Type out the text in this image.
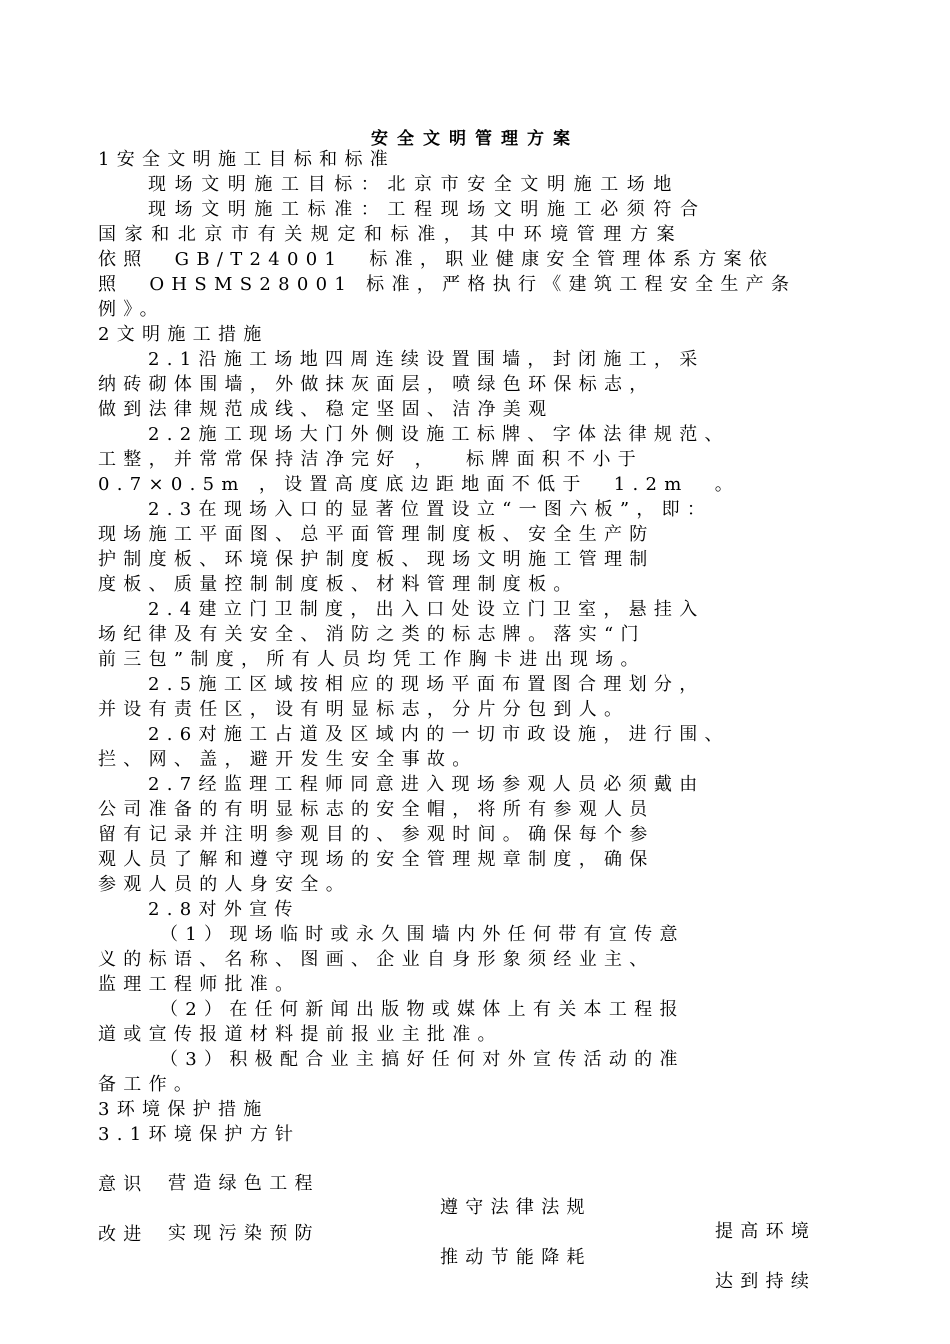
安全文明管理方案
1安全文明施工目标和标准
现场文明施工目标：北京市安全文明施工场地
现场文明施工标准：工程现场文明施工必须符合
国家和北京市有关规定和标准，其中环境管理方案
依照  GB/T24001  标准，职业健康安全管理体系方案依
照  OHSMS28001 标准，严格执行《建筑工程安全生产条
例》。
2文明施工措施
2.1沿施工场地四周连续设置围墙，封闭施工，采
纳砖砌体围墙，外做抹灰面层，喷绿色环保标志，
做到法律规范成线、稳定坚固、洁净美观
2.2施工现场大门外侧设施工标牌、字体法律规范、
工整，并常常保持洁净完好 ，  标牌面积不小于
0.7×0.5m ，设置高度底边距地面不低于  1.2m  。
2.3在现场入口的显著位置设立“一图六板”，即：
现场施工平面图、总平面管理制度板、安全生产防
护制度板、环境保护制度板、现场文明施工管理制
度板、质量控制制度板、材料管理制度板。
2.4建立门卫制度，出入口处设立门卫室，悬挂入
场纪律及有关安全、消防之类的标志牌。落实“门
前三包”制度，所有人员均凭工作胸卡进出现场。
2.5施工区域按相应的现场平面布置图合理划分，
并设有责任区，设有明显标志，分片分包到人。
2.6对施工占道及区域内的一切市政设施，进行围、
拦、网、盖，避开发生安全事故。
2.7经监理工程师同意进入现场参观人员必须戴由
公司准备的有明显标志的安全帽，将所有参观人员
留有记录并注明参观目的、参观时间。确保每个参
观人员了解和遵守现场的安全管理规章制度，确保
参观人员的人身安全。
2.8对外宣传
（1）现场临时或永久围墙内外任何带有宣传意
义的标语、名称、图画、企业自身形象须经业主、
监理工程师批准。
（2）在任何新闻出版物或媒体上有关本工程报
道或宣传报道材料提前报业主批准。
（3）积极配合业主搞好任何对外宣传活动的准
备工作。
3环境保护措施
3.1环境保护方针

营造绿色工程

遵守法律法规

提高环境

意识

实现污染预防

推动节能降耗

达到持续

改进
